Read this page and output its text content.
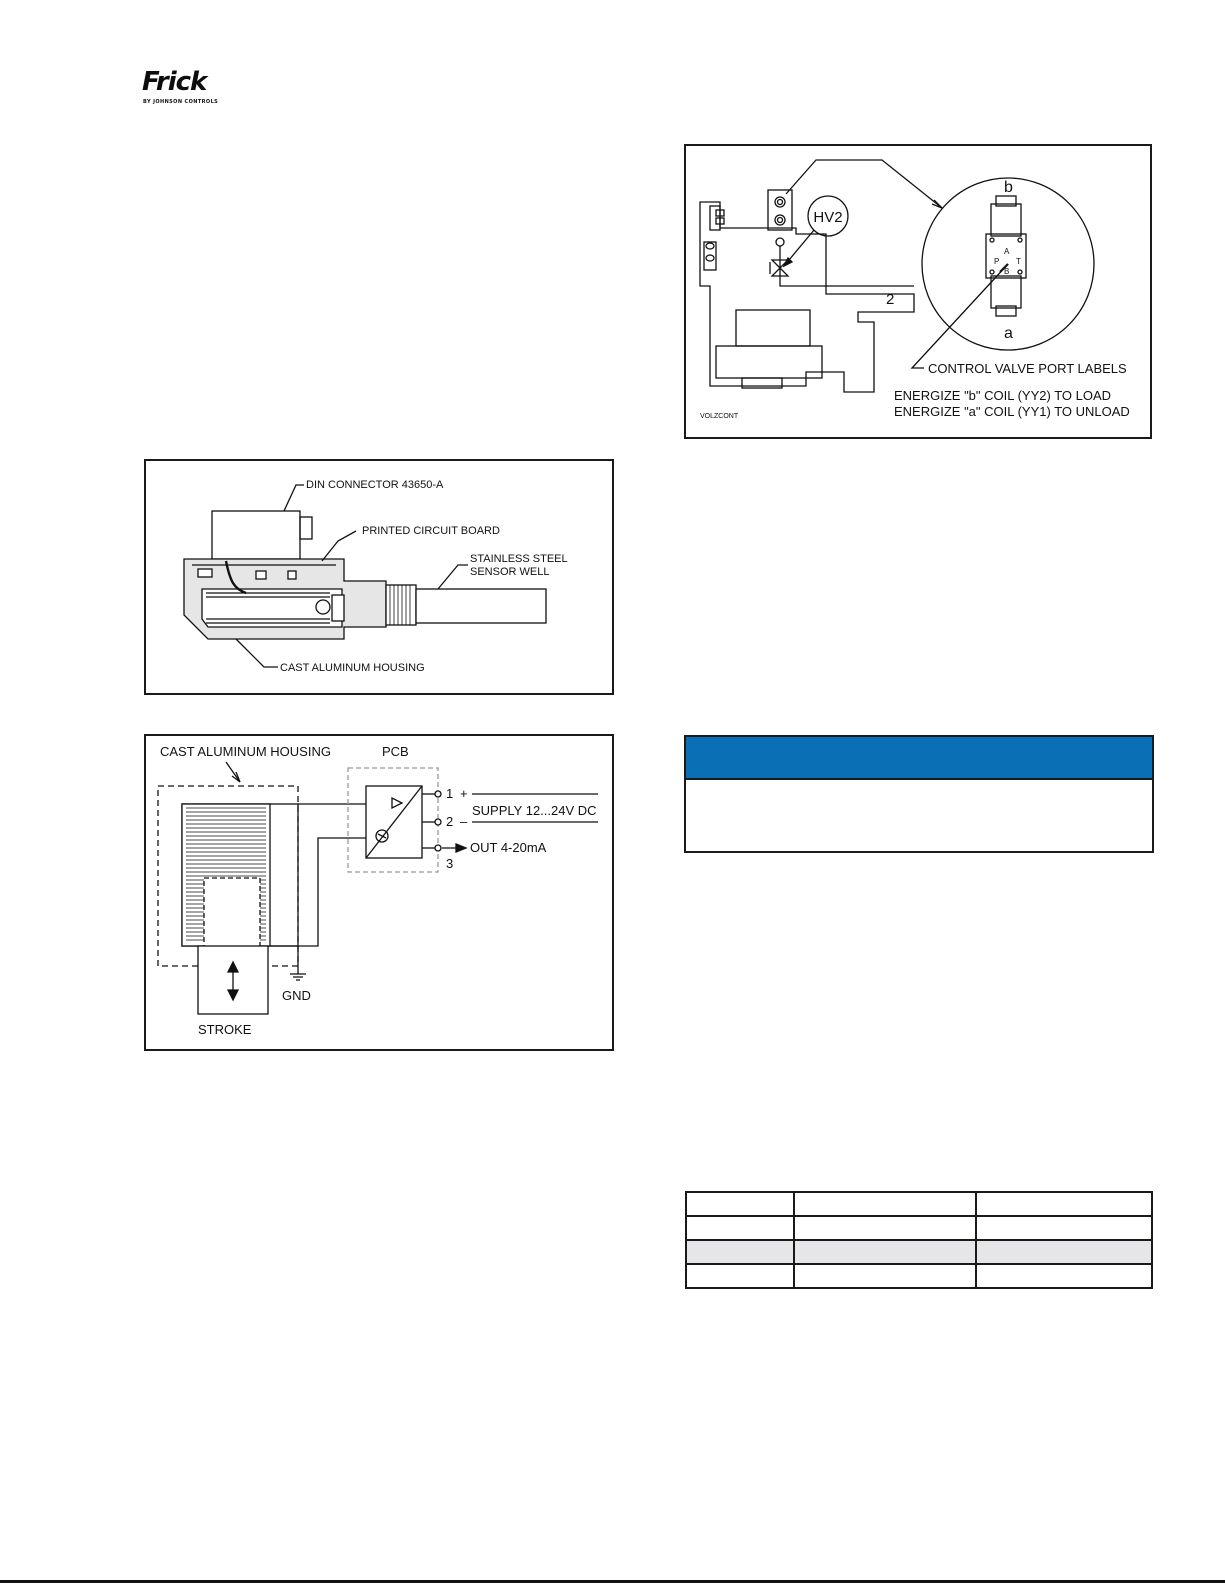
Frick
BY JOHNSON CONTROLS
HV2
2
b
a
A
P T
B
CONTROL VALVE PORT LABELS
ENERGIZE "b" COIL (YY2) TO LOAD
ENERGIZE "a" COIL (YY1) TO UNLOAD
VOLZCONT
DIN CONNECTOR 43650-A
PRINTED CIRCUIT BOARD
STAINLESS STEEL
SENSOR WELL
CAST ALUMINUM HOUSING
CAST ALUMINUM HOUSING	PCB
1 +
2 –
3
SUPPLY 12...24V DC
OUT 4-20mA
GND
STROKE
